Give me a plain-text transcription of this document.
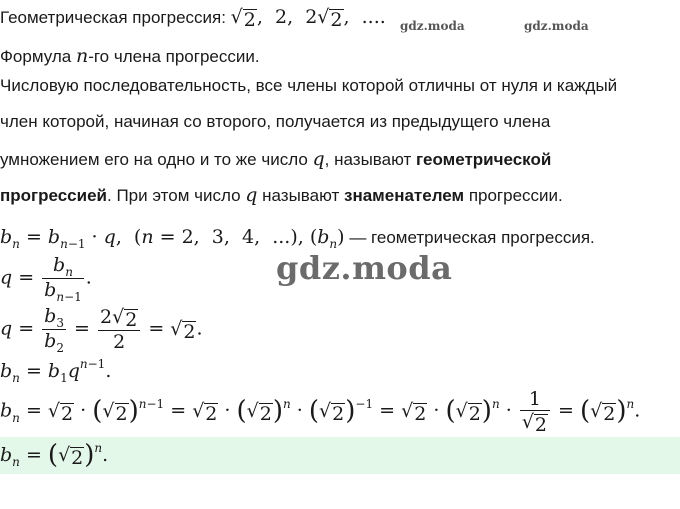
Геометрическая прогрессия: √ 2 ,  2,  2 √ 2 ,  .... gdz.moda	gdz.moda
Формула n-го члена прогрессии.
Числовую последовательность, все члены которой отличны от нуля и каждый
член которой, начиная со второго, получается из предыдущего члена
умножением его на одно и то же число q, называют геометрической
прогрессией. При этом число q называют знаменателем прогрессии.
$b_n = b_{n-1} \cdot q$,  (n = 2,  3,  4,  ...), $(b_n)$ — геометрическая прогрессия.
gdz.moda
$q = \frac{b_n}{b_{n-1}}$ .
$q = \frac{b_3}{b_2} = \frac{2 √ 2}{2}$ = √ 2 .
$b_n = b_1q^{n-1}$.
$b_n$ = √ 2 · ( √ 2 )$^{n-1}$ = √ 2 · ( √ 2 )$^n$ · ( √ 2 )$^{-1}$ = √ 2 · ( √ 2 )$^n \cdot \frac{1}{√ 2}$ = ( √ 2 )$^n$.
$b_n$ = ( √ 2 )$^n$.
